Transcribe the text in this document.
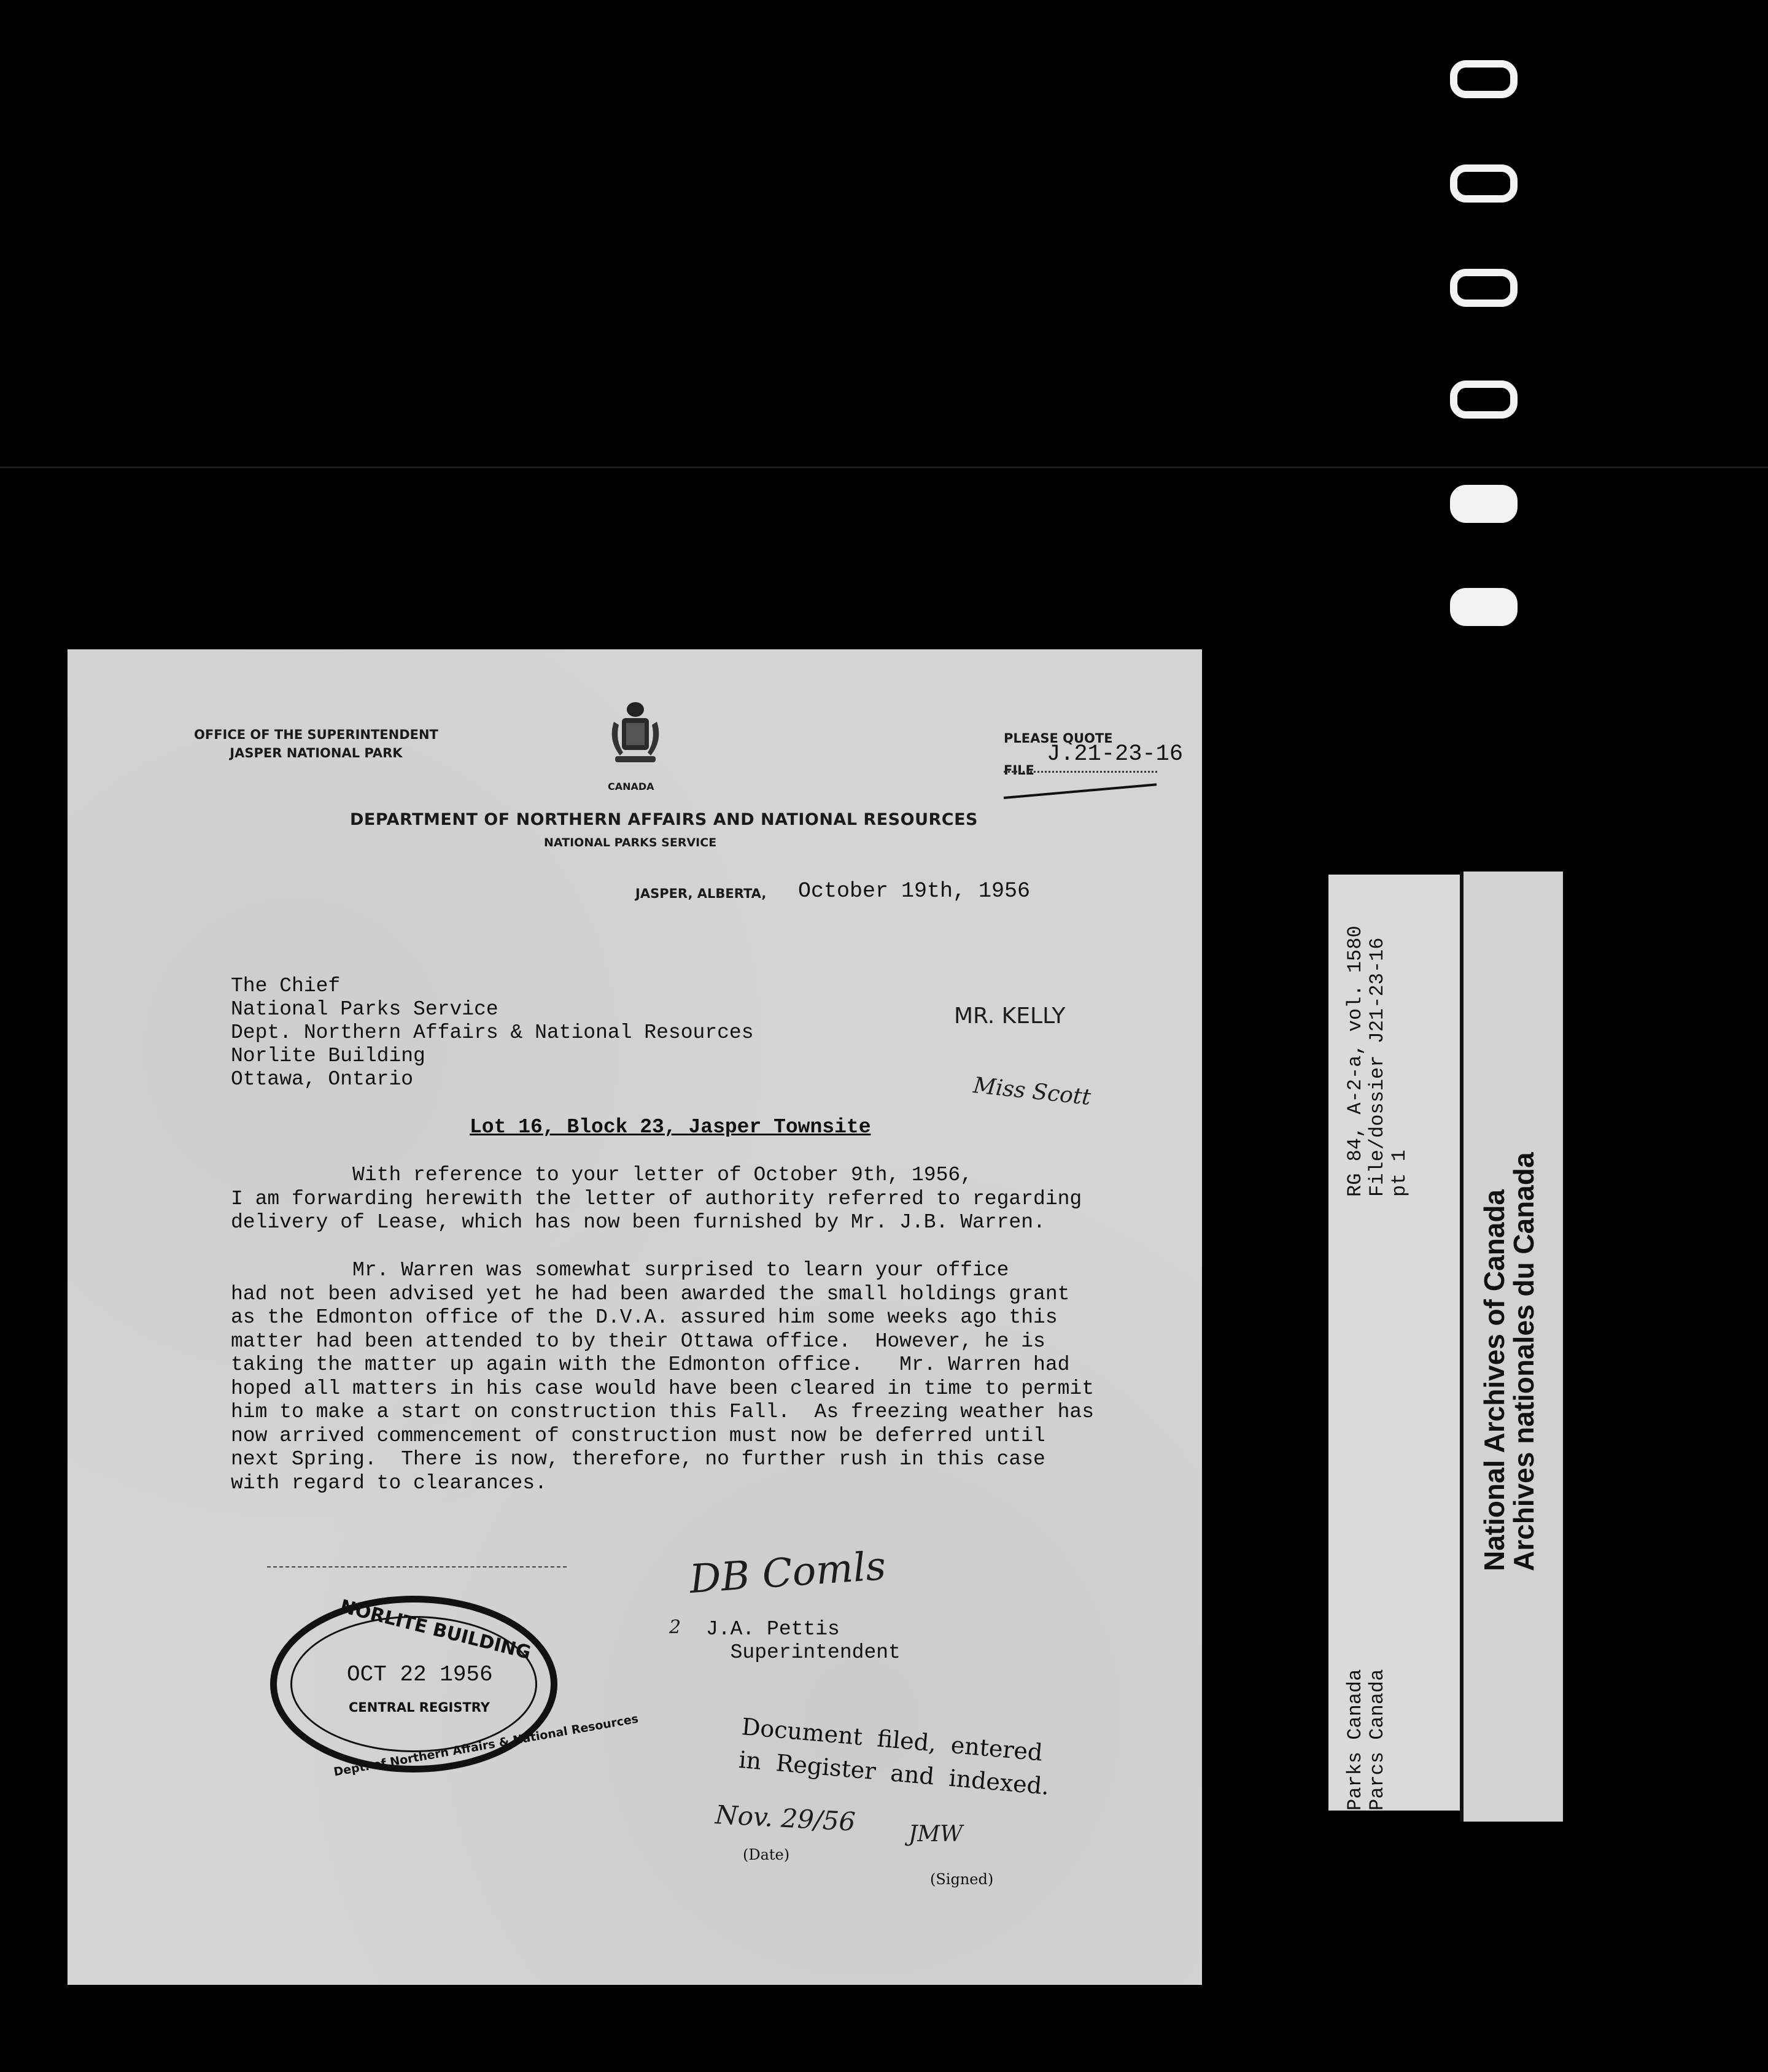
OFFICE OF THE SUPERINTENDENT
JASPER NATIONAL PARK
CANADA
PLEASE QUOTE
FILE
J.21-23-16
DEPARTMENT OF NORTHERN AFFAIRS AND NATIONAL RESOURCES
NATIONAL PARKS SERVICE
JASPER, ALBERTA, October 19th, 1956
The Chief
National Parks Service
Dept. Northern Affairs & National Resources
Norlite Building
Ottawa, Ontario
MR. KELLY
Miss Scott
Lot 16, Block 23, Jasper Townsite
With reference to your letter of October 9th, 1956,
I am forwarding herewith the letter of authority referred to regarding
delivery of Lease, which has now been furnished by Mr. J.B. Warren.
Mr. Warren was somewhat surprised to learn your office
had not been advised yet he had been awarded the small holdings grant
as the Edmonton office of the D.V.A. assured him some weeks ago this
matter had been attended to by their Ottawa office.  However, he is
taking the matter up again with the Edmonton office.   Mr. Warren had
hoped all matters in his case would have been cleared in time to permit
him to make a start on construction this Fall.  As freezing weather has
now arrived commencement of construction must now be deferred until
next Spring.  There is now, therefore, no further rush in this case
with regard to clearances.
NORLITE BUILDING
OCT 22 1956
CENTRAL REGISTRY
Dept. of Northern Affairs & National Resources
DB Comls
2 J.A. Pettis
Superintendent
Document  filed,  entered
in  Register  and  indexed.
Nov. 29/56
(Date)
JMW
(Signed)
RG 84, A-2-a, vol. 1580
File/dossier J21-23-16
pt 1
Parks Canada
Parcs Canada
National Archives of Canada
Archives nationales du Canada
